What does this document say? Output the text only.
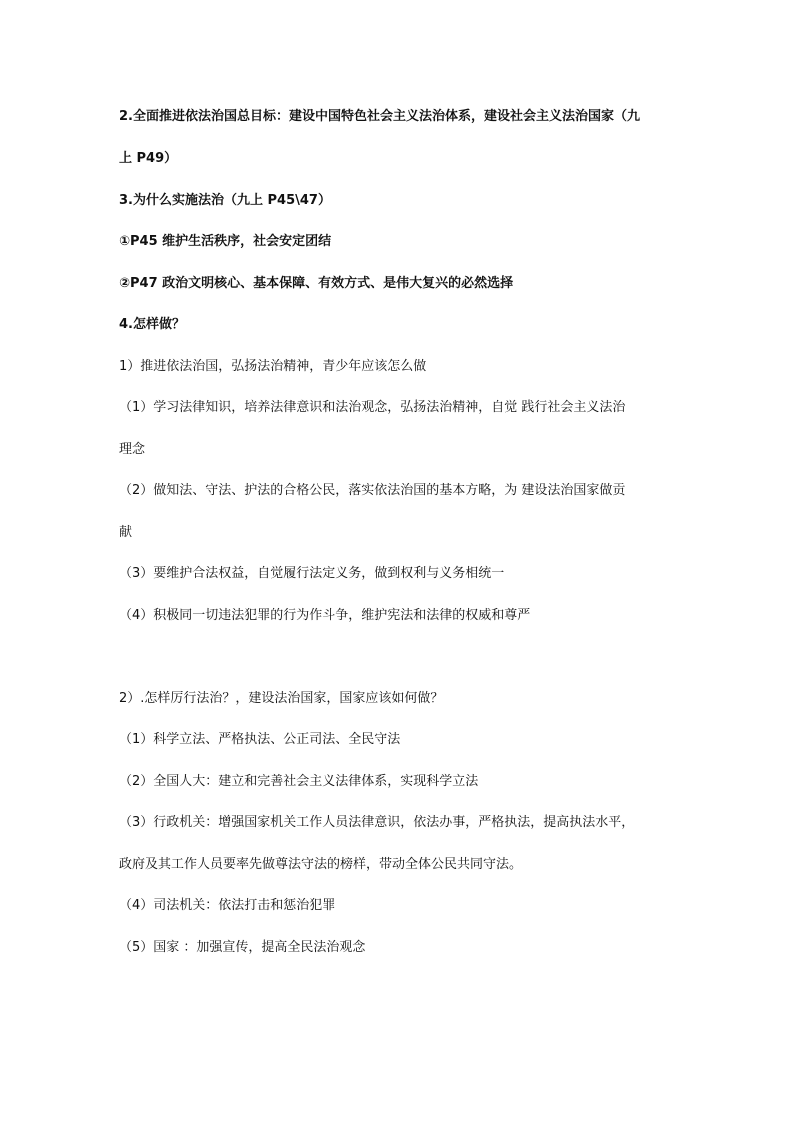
2.全面推进依法治国总目标：建设中国特色社会主义法治体系，建设社会主义法治国家（九
上 P49）
3.为什么实施法治（九上 P45\47）
①P45 维护生活秩序，社会安定团结
②P47 政治文明核心、基本保障、有效方式、是伟大复兴的必然选择
4.怎样做？
1）推进依法治国，弘扬法治精神，青少年应该怎么做
（1）学习法律知识，培养法律意识和法治观念，弘扬法治精神，自觉 践行社会主义法治
理念
（2）做知法、守法、护法的合格公民，落实依法治国的基本方略，为 建设法治国家做贡
献
（3）要维护合法权益，自觉履行法定义务，做到权利与义务相统一
（4）积极同一切违法犯罪的行为作斗争，维护宪法和法律的权威和尊严
2）.怎样厉行法治？，建设法治国家，国家应该如何做？
（1）科学立法、严格执法、公正司法、全民守法
（2）全国人大：建立和完善社会主义法律体系，实现科学立法
（3）行政机关：增强国家机关工作人员法律意识，依法办事，严格执法，提高执法水平，
政府及其工作人员要率先做尊法守法的榜样，带动全体公民共同守法。
（4）司法机关：依法打击和惩治犯罪
（5）国家 ：加强宣传，提高全民法治观念
